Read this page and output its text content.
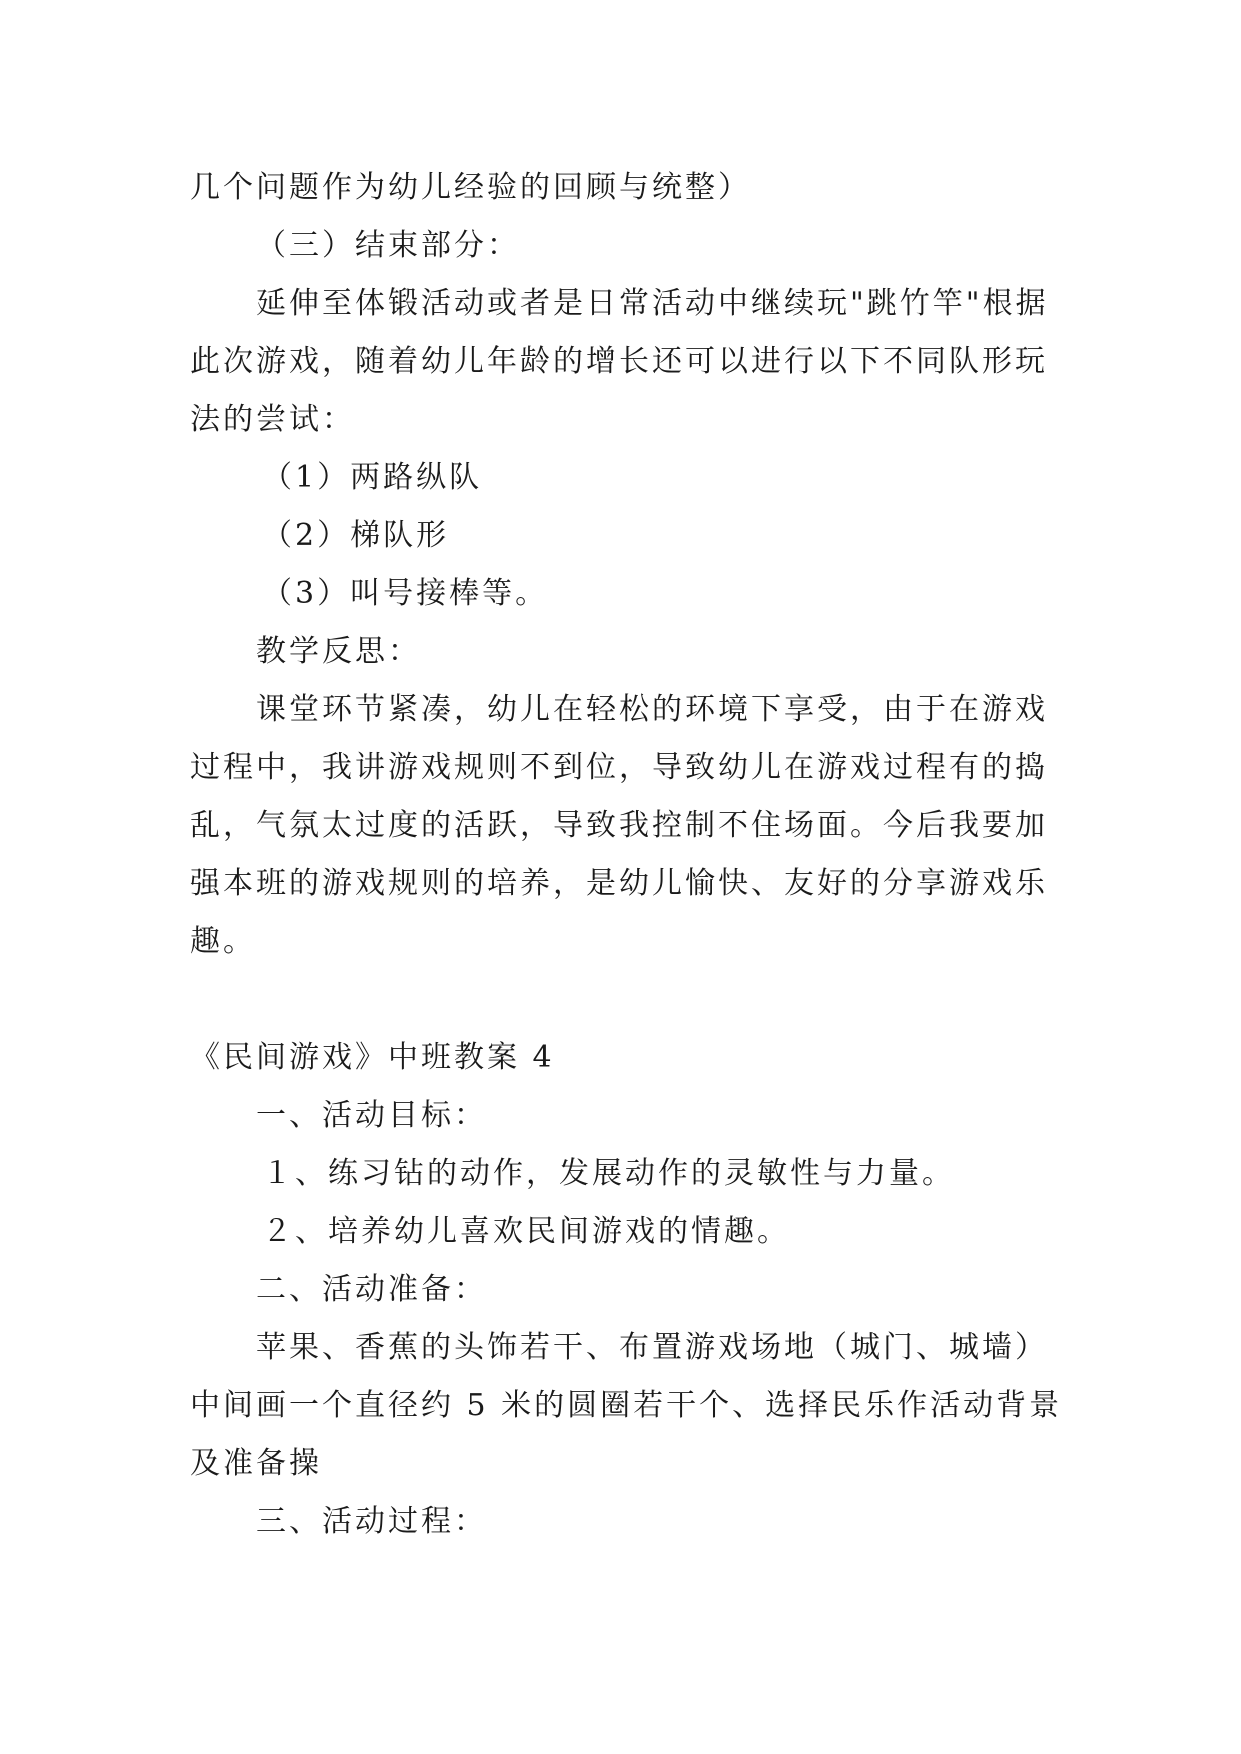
几个问题作为幼儿经验的回顾与统整）
（三）结束部分：
延伸至体锻活动或者是日常活动中继续玩"跳竹竿"根据
此次游戏，随着幼儿年龄的增长还可以进行以下不同队形玩
法的尝试：
（1）两路纵队
（2）梯队形
（3）叫号接棒等。
教学反思：
课堂环节紧凑，幼儿在轻松的环境下享受，由于在游戏
过程中，我讲游戏规则不到位，导致幼儿在游戏过程有的捣
乱，气氛太过度的活跃，导致我控制不住场面。今后我要加
强本班的游戏规则的培养，是幼儿愉快、友好的分享游戏乐
趣。
《民间游戏》中班教案 4
一、活动目标：
１、练习钻的动作，发展动作的灵敏性与力量。
２、培养幼儿喜欢民间游戏的情趣。
二、活动准备：
苹果、香蕉的头饰若干、布置游戏场地（城门、城墙）
中间画一个直径约 5 米的圆圈若干个、选择民乐作活动背景
及准备操
三、活动过程：
